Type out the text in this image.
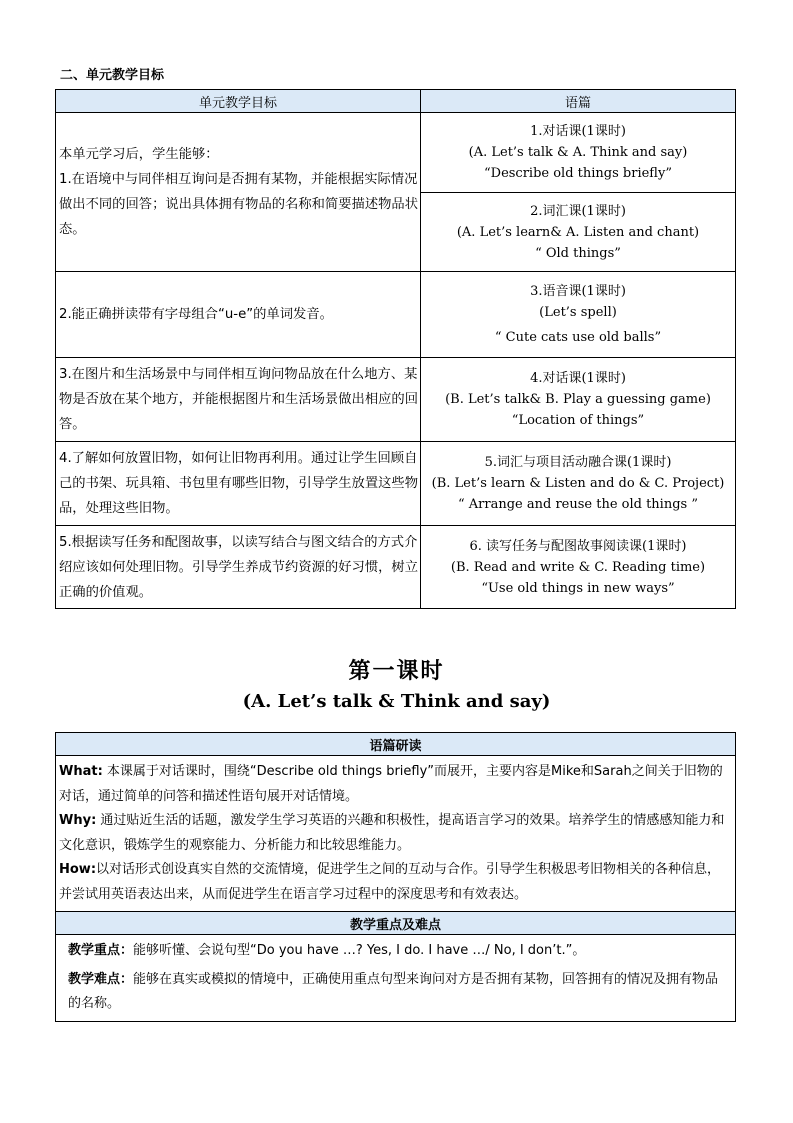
二、单元教学目标
单元教学目标	语篇

本单元学习后，学生能够：
1.在语境中与同伴相互询问是否拥有某物，并能根据实际情况做出不同的回答；说出具体拥有物品的名称和简要描述物品状态。	1.对话课(1课时)
(A. Let’s talk & A. Think and say)
“Describe old things briefly”

	2.词汇课(1课时)
(A. Let’s learn& A. Listen and chant)
“ Old things”

2.能正确拼读带有字母组合“u-e”的单词发音。	3.语音课(1课时)
(Let’s spell)
“ Cute cats use old balls”

3.在图片和生活场景中与同伴相互询问物品放在什么地方、某物是否放在某个地方，并能根据图片和生活场景做出相应的回答。	4.对话课(1课时)
(B. Let’s talk& B. Play a guessing game)
“Location of things”

4.了解如何放置旧物，如何让旧物再利用。通过让学生回顾自己的书架、玩具箱、书包里有哪些旧物，引导学生放置这些物品，处理这些旧物。	5.词汇与项目活动融合课(1课时)
(B. Let’s learn & Listen and do & C. Project)
“ Arrange and reuse the old things ”

5.根据读写任务和配图故事，以读写结合与图文结合的方式介绍应该如何处理旧物。引导学生养成节约资源的好习惯，树立正确的价值观。	6. 读写任务与配图故事阅读课(1课时)
(B. Read and write & C. Reading time)
“Use old things in new ways”
第一课时
(A. Let’s talk & Think and say)
语篇研读

What: 本课属于对话课时，围绕“Describe old things briefly”而展开，主要内容是Mike和Sarah之间关于旧物的对话，通过简单的问答和描述性语句展开对话情境。
Why: 通过贴近生活的话题，激发学生学习英语的兴趣和积极性，提高语言学习的效果。培养学生的情感感知能力和文化意识，锻炼学生的观察能力、分析能力和比较思维能力。
How:以对话形式创设真实自然的交流情境，促进学生之间的互动与合作。引导学生积极思考旧物相关的各种信息，并尝试用英语表达出来，从而促进学生在语言学习过程中的深度思考和有效表达。

教学重点及难点

教学重点：能够听懂、会说句型“Do you have …? Yes, I do. I have …/ No, I don’t.”。
教学难点：能够在真实或模拟的情境中，正确使用重点句型来询问对方是否拥有某物，回答拥有的情况及拥有物品的名称。
